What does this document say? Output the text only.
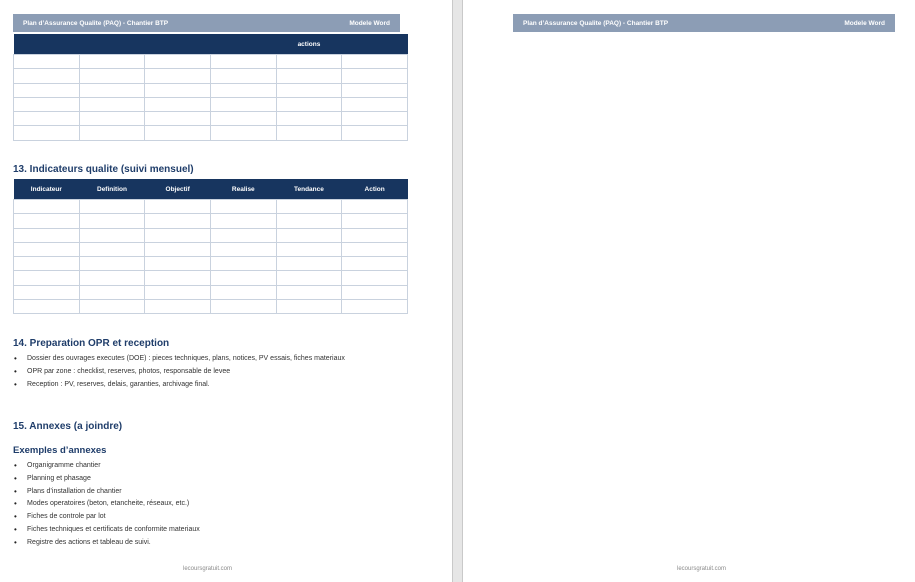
Plan d’Assurance Qualite (PAQ) - Chantier BTP	Modele Word
				actions	

13. Indicateurs qualite (suivi mensuel)
Indicateur	Definition	Objectif	Realise	Tendance	Action

14. Preparation OPR et reception
• Dossier des ouvrages executes (DOE) : pieces techniques, plans, notices, PV essais, fiches materiaux
• OPR par zone : checklist, reserves, photos, responsable de levee
• Reception : PV, reserves, delais, garanties, archivage final.
15. Annexes (a joindre)
Exemples d’annexes
• Organigramme chantier
• Planning et phasage
• Plans d’installation de chantier
• Modes operatoires (beton, etancheite, réseaux, etc.)
• Fiches de controle par lot
• Fiches techniques et certificats de conformite materiaux
• Registre des actions et tableau de suivi.
lecoursgratuit.com
Plan d’Assurance Qualite (PAQ) - Chantier BTP	Modele Word
lecoursgratuit.com
